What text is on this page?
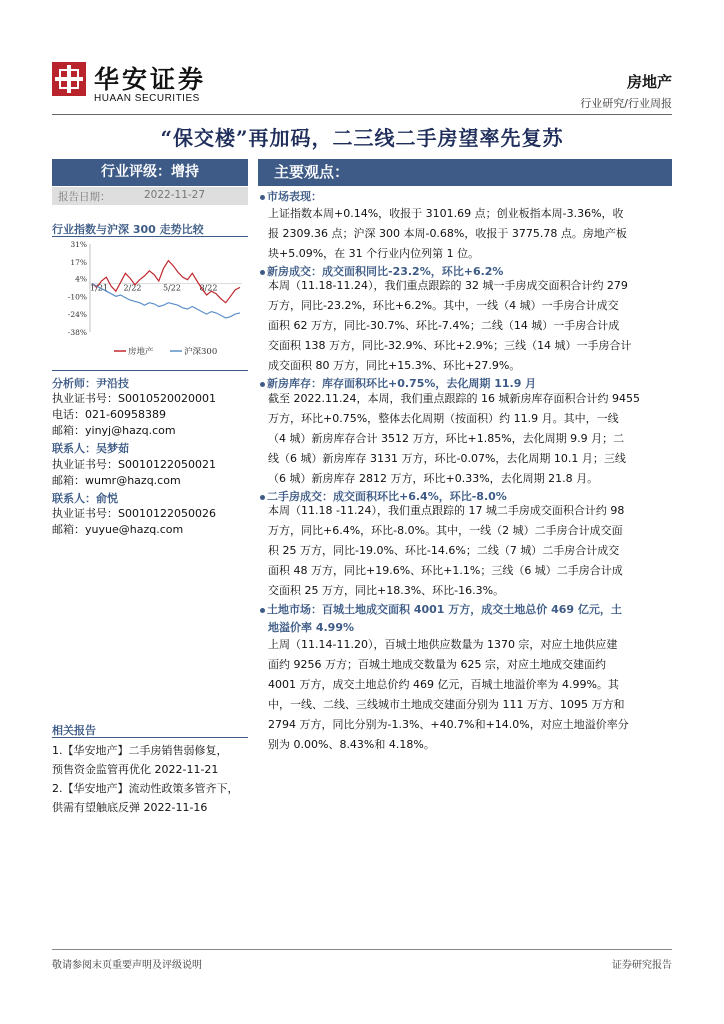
华安证券
HUAAN SECURITIES
房地产
行业研究/行业周报
“保交楼”再加码，二三线二手房望率先复苏
行业评级：增持
报告日期：	2022-11-27
行业指数与沪深 300 走势比较
31%
17%
4%
-10%
-24%
-38%
1/21 2/22	5/22 8/22
房地产	沪深300
分析师：尹沿技
执业证书号：S0010520020001
电话：021-60958389
邮箱：yinyj@hazq.com
联系人：吴梦茹
执业证书号：S0010122050021
邮箱：wumr@hazq.com
联系人：俞悦
执业证书号：S0010122050026
邮箱：yuyue@hazq.com
相关报告
1.【华安地产】二手房销售弱修复，
预售资金监管再优化 2022-11-21
2.【华安地产】流动性政策多管齐下，
供需有望触底反弹 2022-11-16
主要观点：
市场表现：
上证指数本周+0.14%，收报于 3101.69 点；创业板指本周-3.36%，收
报 2309.36 点；沪深 300 本周-0.68%，收报于 3775.78 点。房地产板
块+5.09%，在 31 个行业内位列第 1 位。
新房成交：成交面积同比-23.2%，环比+6.2%
本周（11.18-11.24），我们重点跟踪的 32 城一手房成交面积合计约 279
万方，同比-23.2%，环比+6.2%。其中，一线（4 城）一手房合计成交
面积 62 万方，同比-30.7%、环比-7.4%；二线（14 城）一手房合计成
交面积 138 万方，同比-32.9%、环比+2.9%；三线（14 城）一手房合计
成交面积 80 万方，同比+15.3%、环比+27.9%。
新房库存：库存面积环比+0.75%，去化周期 11.9 月
截至 2022.11.24，本周，我们重点跟踪的 16 城新房库存面积合计约 9455
万方，环比+0.75%，整体去化周期（按面积）约 11.9 月。其中，一线
（4 城）新房库存合计 3512 万方，环比+1.85%，去化周期 9.9 月；二
线（6 城）新房库存 3131 万方，环比-0.07%，去化周期 10.1 月；三线
（6 城）新房库存 2812 万方，环比+0.33%，去化周期 21.8 月。
二手房成交：成交面积环比+6.4%，环比-8.0%
本周（11.18 -11.24），我们重点跟踪的 17 城二手房成交面积合计约 98
万方，同比+6.4%，环比-8.0%。其中，一线（2 城）二手房合计成交面
积 25 万方，同比-19.0%、环比-14.6%；二线（7 城）二手房合计成交
面积 48 万方，同比+19.6%、环比+1.1%；三线（6 城）二手房合计成
交面积 25 万方，同比+18.3%、环比-16.3%。
土地市场：百城土地成交面积 4001 万方，成交土地总价 469 亿元，土
地溢价率 4.99%
上周（11.14-11.20），百城土地供应数量为 1370 宗，对应土地供应建
面约 9256 万方；百城土地成交数量为 625 宗，对应土地成交建面约
4001 万方，成交土地总价约 469 亿元，百城土地溢价率为 4.99%。其
中，一线、二线、三线城市土地成交建面分别为 111 万方、1095 万方和
2794 万方，同比分别为-1.3%、+40.7%和+14.0%，对应土地溢价率分
别为 0.00%、8.43%和 4.18%。
敬请参阅末页重要声明及评级说明	证券研究报告
